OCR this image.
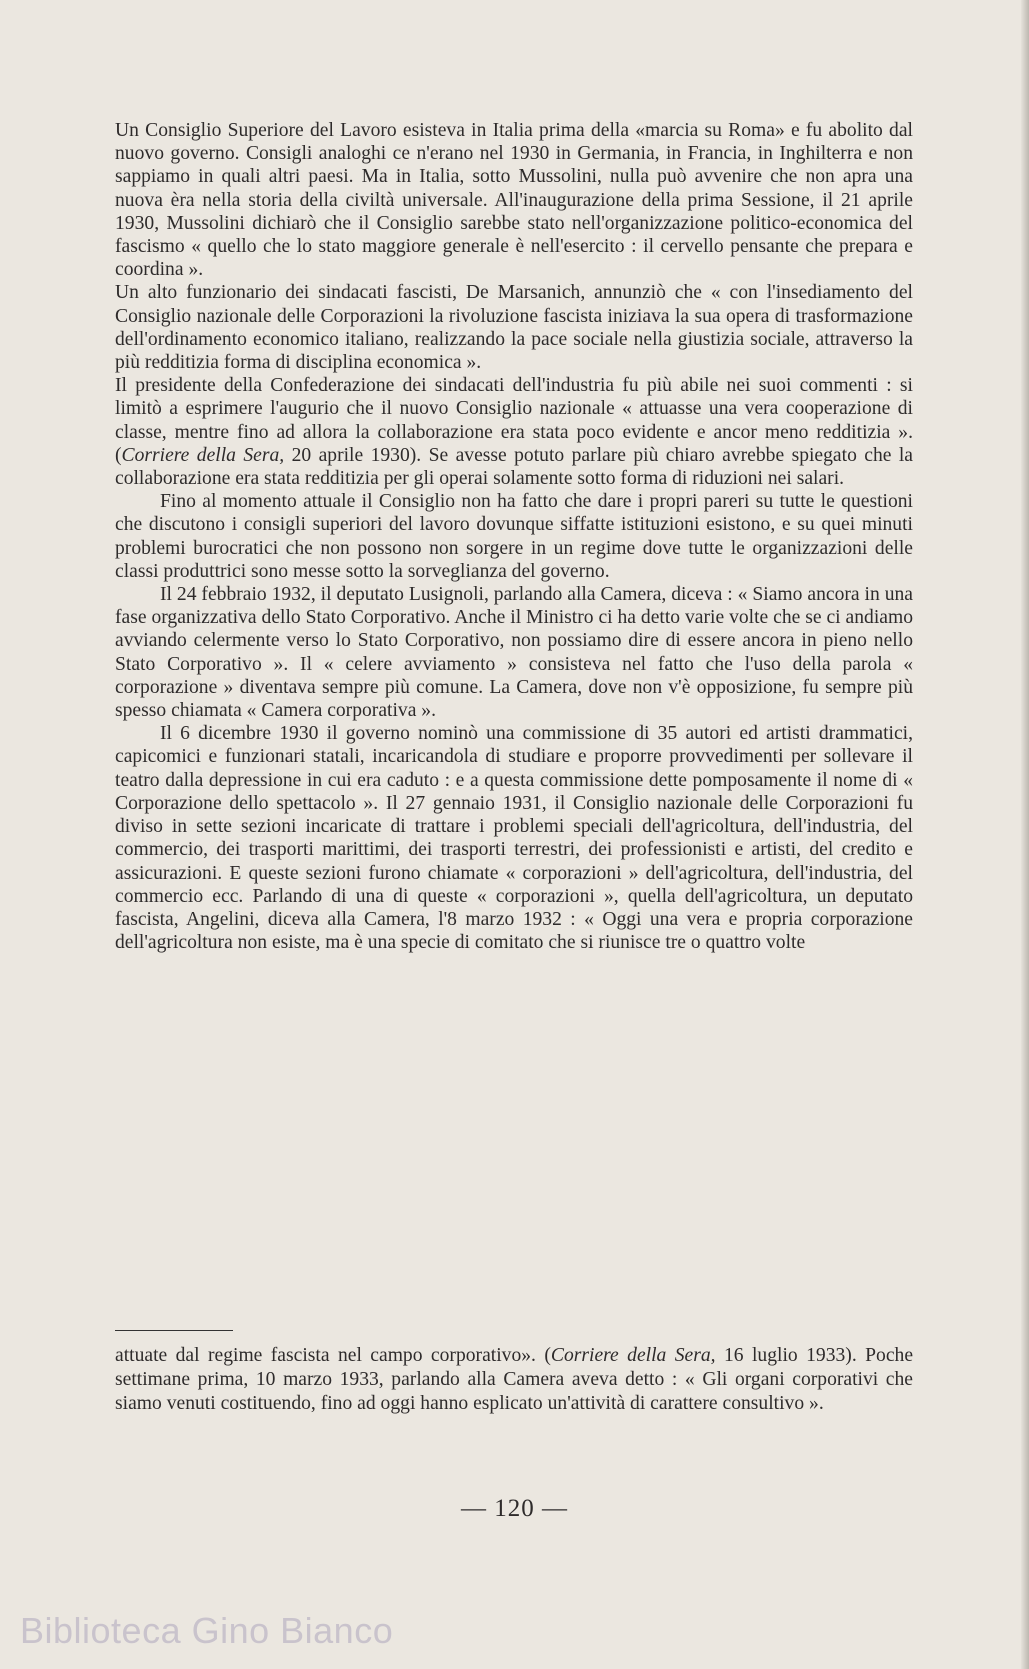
Un Consiglio Superiore del Lavoro esisteva in Italia prima della «marcia su Roma» e fu abolito dal nuovo governo. Consigli analoghi ce n'erano nel 1930 in Germania, in Francia, in Inghilterra e non sappiamo in quali altri paesi. Ma in Italia, sotto Mussolini, nulla può avvenire che non apra una nuova èra nella storia della civiltà universale. All'inaugurazione della prima Sessione, il 21 aprile 1930, Mussolini dichiarò che il Consiglio sarebbe stato nell'organizzazione politico-economica del fascismo « quello che lo stato maggiore generale è nell'esercito : il cervello pensante che prepara e coordina ».

Un alto funzionario dei sindacati fascisti, De Marsanich, annunziò che « con l'insediamento del Consiglio nazionale delle Corporazioni la rivoluzione fascista iniziava la sua opera di trasformazione dell'ordinamento economico italiano, realizzando la pace sociale nella giustizia sociale, attraverso la più redditizia forma di disciplina economica ».

Il presidente della Confederazione dei sindacati dell'industria fu più abile nei suoi commenti : si limitò a esprimere l'augurio che il nuovo Consiglio nazionale « attuasse una vera cooperazione di classe, mentre fino ad allora la collaborazione era stata poco evidente e ancor meno redditizia ». (Corriere della Sera, 20 aprile 1930). Se avesse potuto parlare più chiaro avrebbe spiegato che la collaborazione era stata redditizia per gli operai solamente sotto forma di riduzioni nei salari.

Fino al momento attuale il Consiglio non ha fatto che dare i propri pareri su tutte le questioni che discutono i consigli superiori del lavoro dovunque siffatte istituzioni esistono, e su quei minuti problemi burocratici che non possono non sorgere in un regime dove tutte le organizzazioni delle classi produttrici sono messe sotto la sorveglianza del governo.

Il 24 febbraio 1932, il deputato Lusignoli, parlando alla Camera, diceva : « Siamo ancora in una fase organizzativa dello Stato Corporativo. Anche il Ministro ci ha detto varie volte che se ci andiamo avviando celermente verso lo Stato Corporativo, non possiamo dire di essere ancora in pieno nello Stato Corporativo ». Il « celere avviamento » consisteva nel fatto che l'uso della parola « corporazione » diventava sempre più comune. La Camera, dove non v'è opposizione, fu sempre più spesso chiamata « Camera corporativa ».

Il 6 dicembre 1930 il governo nominò una commissione di 35 autori ed artisti drammatici, capicomici e funzionari statali, incaricandola di studiare e proporre provvedimenti per sollevare il teatro dalla depressione in cui era caduto : e a questa commissione dette pomposamente il nome di « Corporazione dello spettacolo ». Il 27 gennaio 1931, il Consiglio nazionale delle Corporazioni fu diviso in sette sezioni incaricate di trattare i problemi speciali dell'agricoltura, dell'industria, del commercio, dei trasporti marittimi, dei trasporti terrestri, dei professionisti e artisti, del credito e assicurazioni. E queste sezioni furono chiamate « corporazioni » dell'agricoltura, dell'industria, del commercio ecc. Parlando di una di queste « corporazioni », quella dell'agricoltura, un deputato fascista, Angelini, diceva alla Camera, l'8 marzo 1932 : « Oggi una vera e propria corporazione dell'agricoltura non esiste, ma è una specie di comitato che si riunisce tre o quattro volte

attuate dal regime fascista nel campo corporativo». (Corriere della Sera, 16 luglio 1933). Poche settimane prima, 10 marzo 1933, parlando alla Camera aveva detto : « Gli organi corporativi che siamo venuti costituendo, fino ad oggi hanno esplicato un'attività di carattere consultivo ».

— 120 —
Biblioteca Gino Bianco
